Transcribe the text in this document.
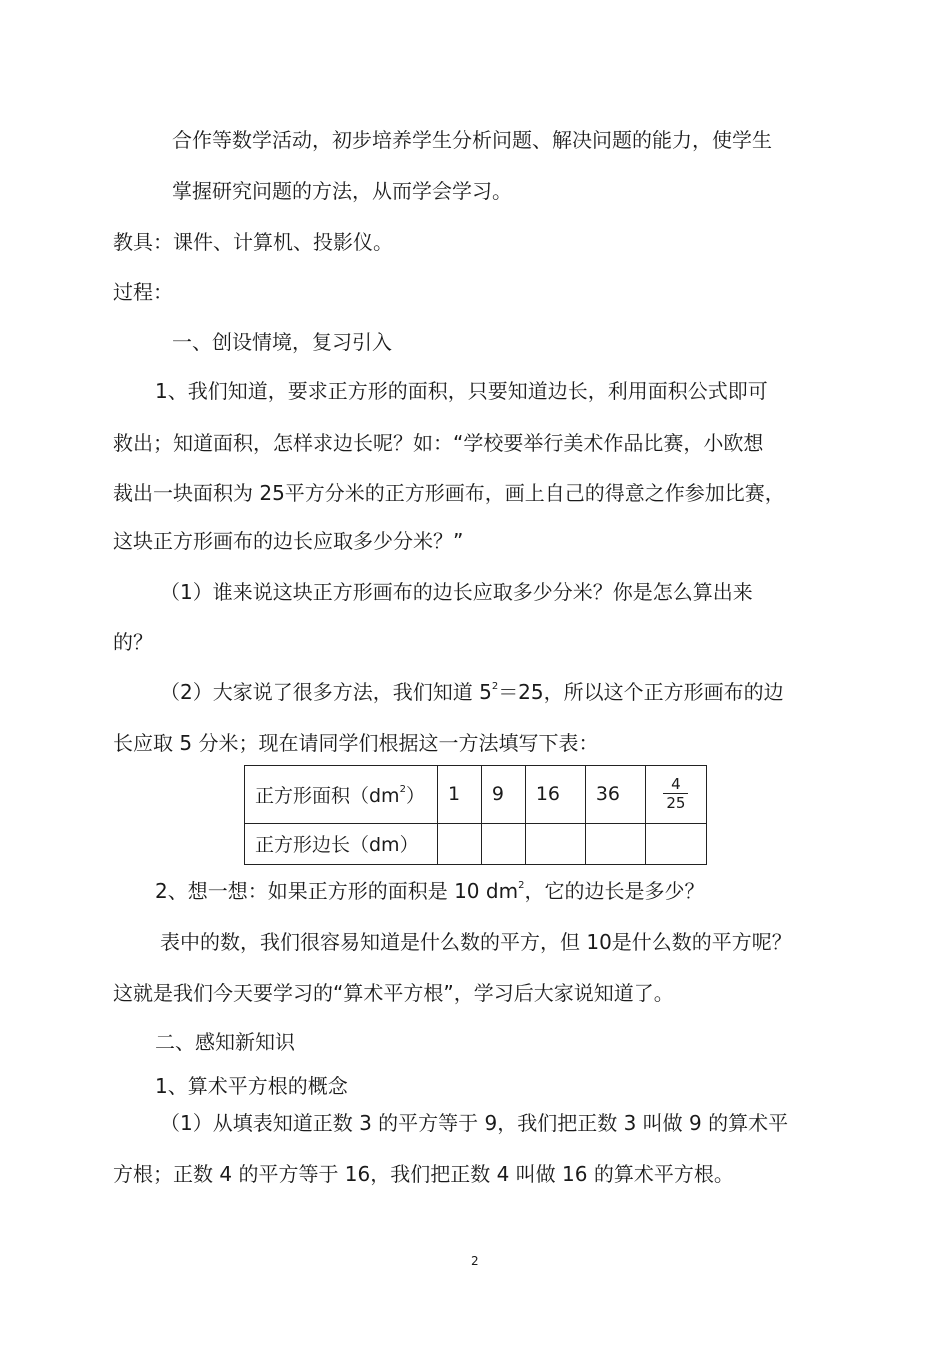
合作等数学活动，初步培养学生分析问题、解决问题的能力，使学生
掌握研究问题的方法，从而学会学习。
教具：课件、计算机、投影仪。
过程：
一、创设情境，复习引入
1、我们知道，要求正方形的面积，只要知道边长，利用面积公式即可
救出；知道面积，怎样求边长呢？如：“学校要举行美术作品比赛，小欧想
裁出一块面积为 25平方分米的正方形画布，画上自己的得意之作参加比赛，
这块正方形画布的边长应取多少分米？”
（1）谁来说这块正方形画布的边长应取多少分米？你是怎么算出来
的？
（2）大家说了很多方法，我们知道 $5^2=25$，所以这个正方形画布的边
长应取 5 分米；现在请同学们根据这一方法填写下表：
正方形面积$(dm^2)$	1	9	16	36	$\frac{4}{25}$

正方形边长（dm）					
2、想一想：如果正方形的面积是 10 $dm^2$，它的边长是多少？
表中的数，我们很容易知道是什么数的平方，但 10是什么数的平方呢？
这就是我们今天要学习的“算术平方根”，学习后大家说知道了。
二、感知新知识
1、算术平方根的概念
（1）从填表知道正数 3 的平方等于 9，我们把正数 3 叫做 9 的算术平
方根；正数 4 的平方等于 16，我们把正数 4 叫做 16 的算术平方根。
2
